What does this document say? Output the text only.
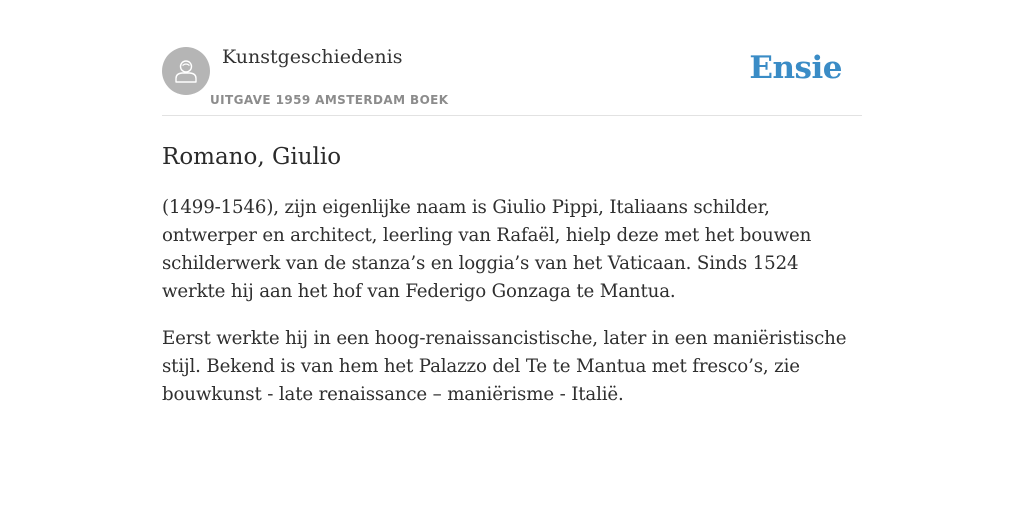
Kunstgeschiedenis
UITGAVE 1959 AMSTERDAM BOEK
Ensie
Romano, Giulio

(1499-1546), zijn eigenlijke naam is Giulio Pippi, Italiaans schilder, ontwerper en architect, leerling van Rafaël, hielp deze met het bouwen schilderwerk van de stanza’s en loggia’s van het Vaticaan. Sinds 1524 werkte hij aan het hof van Federigo Gonzaga te Mantua.

Eerst werkte hij in een hoog-renaissancistische, later in een maniëristische stijl. Bekend is van hem het Palazzo del Te te Mantua met fresco’s, zie bouwkunst - late renaissance – maniërisme - Italië.
